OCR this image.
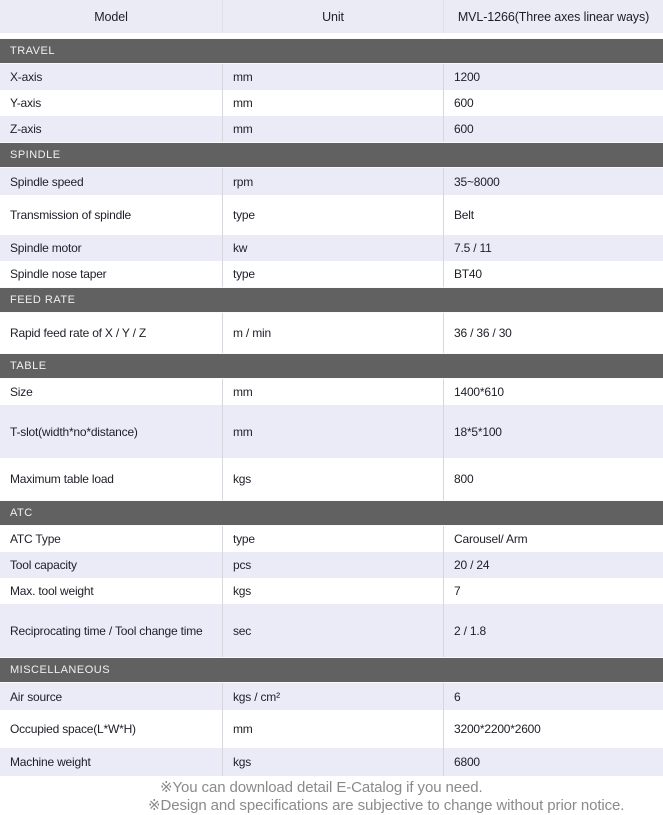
Model	Unit	MVL-1266(Three axes linear ways)
TRAVEL
X-axis	mm	1200
Y-axis	mm	600
Z-axis	mm	600
SPINDLE
Spindle speed	rpm	35~8000
Transmission of spindle	type	Belt
Spindle motor	kw	7.5 / 11
Spindle nose taper	type	BT40
FEED RATE
Rapid feed rate of X / Y / Z	m / min	36 / 36 / 30
TABLE
Size	mm	1400*610
T-slot(width*no*distance)	mm	18*5*100
Maximum table load	kgs	800
ATC
ATC Type	type	Carousel/ Arm
Tool capacity	pcs	20 / 24
Max. tool weight	kgs	7
Reciprocating time / Tool change time	sec	2 / 1.8
MISCELLANEOUS
Air source	kgs / cm²	6
Occupied space(L*W*H)	mm	3200*2200*2600
Machine weight	kgs	6800
※You can download detail E-Catalog if you need.
※Design and specifications are subjective to change without prior notice.
